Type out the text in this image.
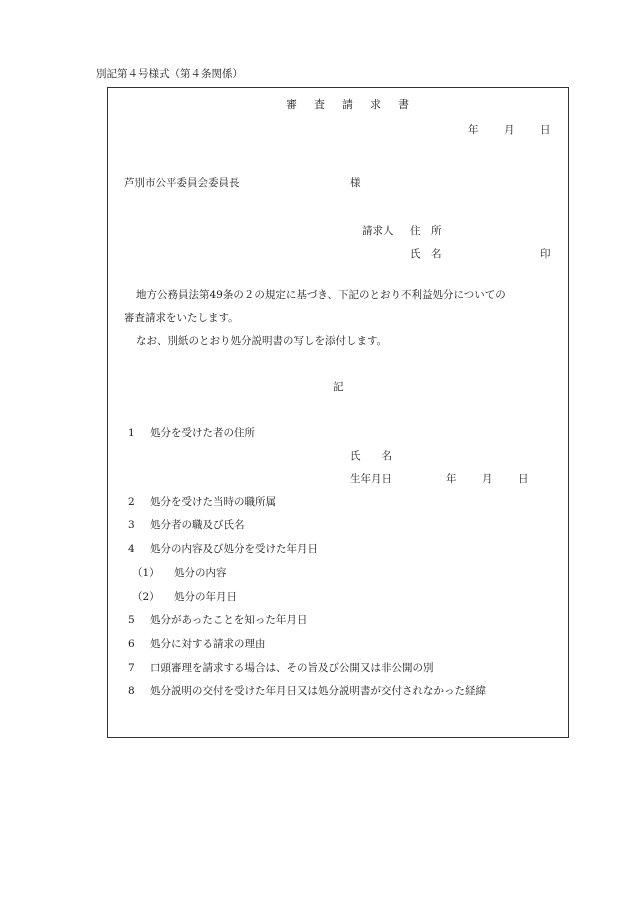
別記第４号様式（第４条関係）
審 査 請 求 書
年 月 日
芦別市公平委員会委員長	様
請求人 住　所
氏　名	印
地方公務員法第49条の２の規定に基づき、下記のとおり不利益処分についての
審査請求をいたします。
なお、別紙のとおり処分説明書の写しを添付します。
記
1 処分を受けた者の住所
氏　　名
生年月日	年 月 日
2 処分を受けた当時の職所属
3 処分者の職及び氏名
4 処分の内容及び処分を受けた年月日
（1） 処分の内容
（2） 処分の年月日
5 処分があったことを知った年月日
6 処分に対する請求の理由
7 口頭審理を請求する場合は、その旨及び公開又は非公開の別
8 処分説明の交付を受けた年月日又は処分説明書が交付されなかった経緯
